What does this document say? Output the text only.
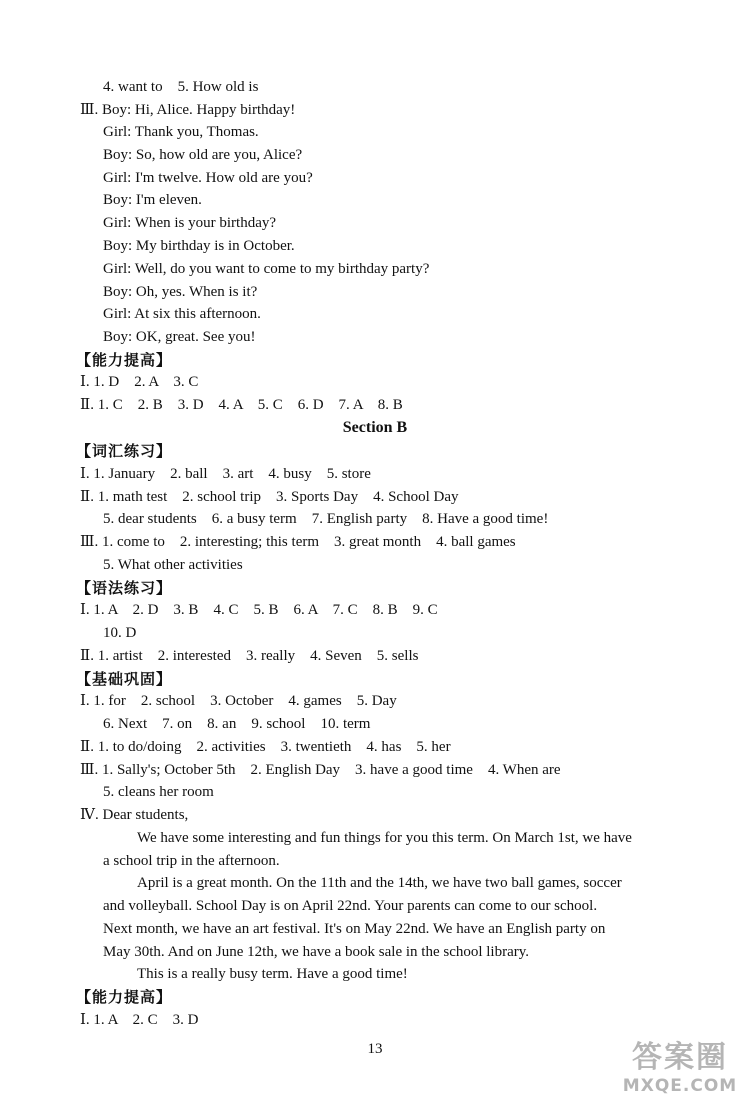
4. want to    5. How old is
Ⅲ. Boy: Hi, Alice. Happy birthday!
Girl: Thank you, Thomas.
Boy: So, how old are you, Alice?
Girl: I'm twelve. How old are you?
Boy: I'm eleven.
Girl: When is your birthday?
Boy: My birthday is in October.
Girl: Well, do you want to come to my birthday party?
Boy: Oh, yes. When is it?
Girl: At six this afternoon.
Boy: OK, great. See you!
【能力提高】
Ⅰ. 1. D    2. A    3. C
Ⅱ. 1. C    2. B    3. D    4. A    5. C    6. D    7. A    8. B
Section B
【词汇练习】
Ⅰ. 1. January    2. ball    3. art    4. busy    5. store
Ⅱ. 1. math test    2. school trip    3. Sports Day    4. School Day
5. dear students    6. a busy term    7. English party    8. Have a good time!
Ⅲ. 1. come to    2. interesting; this term    3. great month    4. ball games
5. What other activities
【语法练习】
Ⅰ. 1. A    2. D    3. B    4. C    5. B    6. A    7. C    8. B    9. C
10. D
Ⅱ. 1. artist    2. interested    3. really    4. Seven    5. sells
【基础巩固】
Ⅰ. 1. for    2. school    3. October    4. games    5. Day
6. Next    7. on    8. an    9. school    10. term
Ⅱ. 1. to do/doing    2. activities    3. twentieth    4. has    5. her
Ⅲ. 1. Sally's; October 5th    2. English Day    3. have a good time    4. When are
5. cleans her room
Ⅳ. Dear students,
We have some interesting and fun things for you this term. On March 1st, we have
a school trip in the afternoon.
April is a great month. On the 11th and the 14th, we have two ball games, soccer
and volleyball. School Day is on April 22nd. Your parents can come to our school.
Next month, we have an art festival. It's on May 22nd. We have an English party on
May 30th. And on June 12th, we have a book sale in the school library.
This is a really busy term. Have a good time!
【能力提高】
Ⅰ. 1. A    2. C    3. D
13	答案圈
MXQE.COM
